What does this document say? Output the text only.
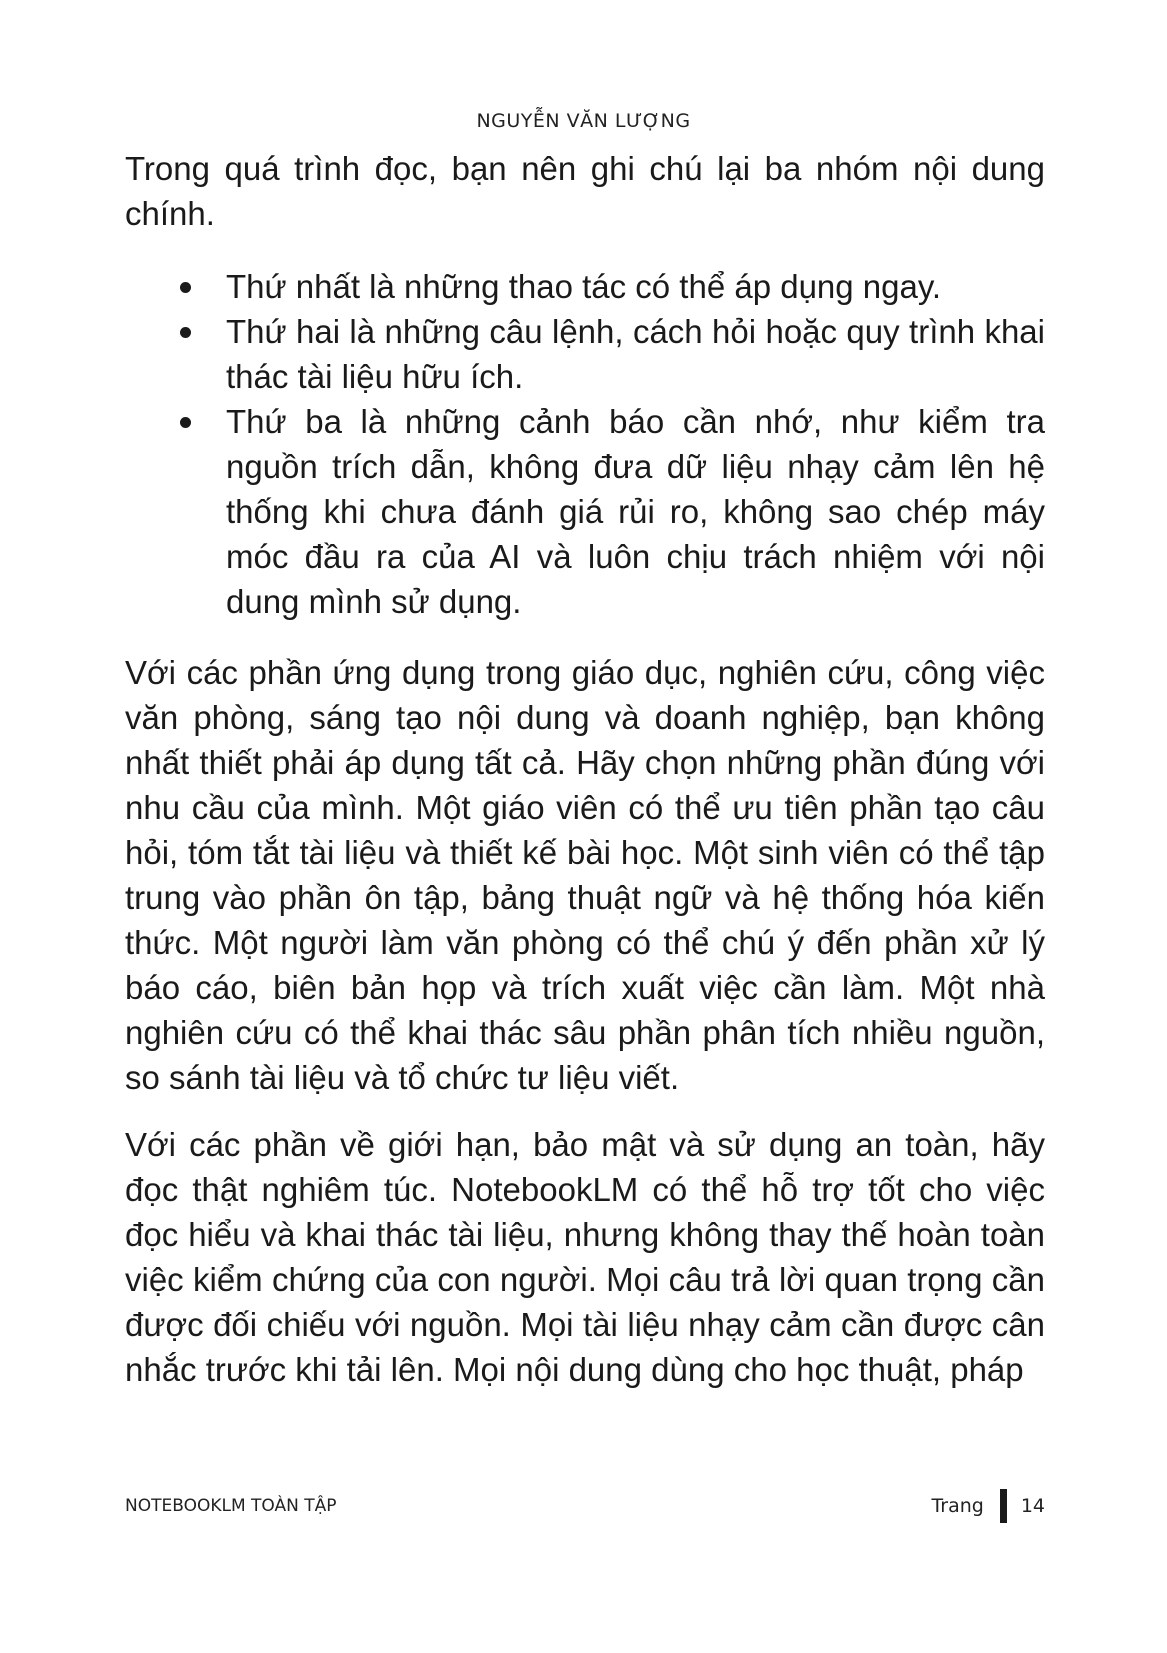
NGUYỄN VĂN LƯỢNG

Trong quá trình đọc, bạn nên ghi chú lại ba nhóm nội dung chính.

Thứ nhất là những thao tác có thể áp dụng ngay.
Thứ hai là những câu lệnh, cách hỏi hoặc quy trình khai thác tài liệu hữu ích.
Thứ ba là những cảnh báo cần nhớ, như kiểm tra nguồn trích dẫn, không đưa dữ liệu nhạy cảm lên hệ thống khi chưa đánh giá rủi ro, không sao chép máy móc đầu ra của AI và luôn chịu trách nhiệm với nội dung mình sử dụng.

Với các phần ứng dụng trong giáo dục, nghiên cứu, công việc văn phòng, sáng tạo nội dung và doanh nghiệp, bạn không nhất thiết phải áp dụng tất cả. Hãy chọn những phần đúng với nhu cầu của mình. Một giáo viên có thể ưu tiên phần tạo câu hỏi, tóm tắt tài liệu và thiết kế bài học. Một sinh viên có thể tập trung vào phần ôn tập, bảng thuật ngữ và hệ thống hóa kiến thức. Một người làm văn phòng có thể chú ý đến phần xử lý báo cáo, biên bản họp và trích xuất việc cần làm. Một nhà nghiên cứu có thể khai thác sâu phần phân tích nhiều nguồn, so sánh tài liệu và tổ chức tư liệu viết.

Với các phần về giới hạn, bảo mật và sử dụng an toàn, hãy đọc thật nghiêm túc. NotebookLM có thể hỗ trợ tốt cho việc đọc hiểu và khai thác tài liệu, nhưng không thay thế hoàn toàn việc kiểm chứng của con người. Mọi câu trả lời quan trọng cần được đối chiếu với nguồn. Mọi tài liệu nhạy cảm cần được cân nhắc trước khi tải lên. Mọi nội dung dùng cho học thuật, pháp

NOTEBOOKLM TOÀN TẬP	Trang 14
